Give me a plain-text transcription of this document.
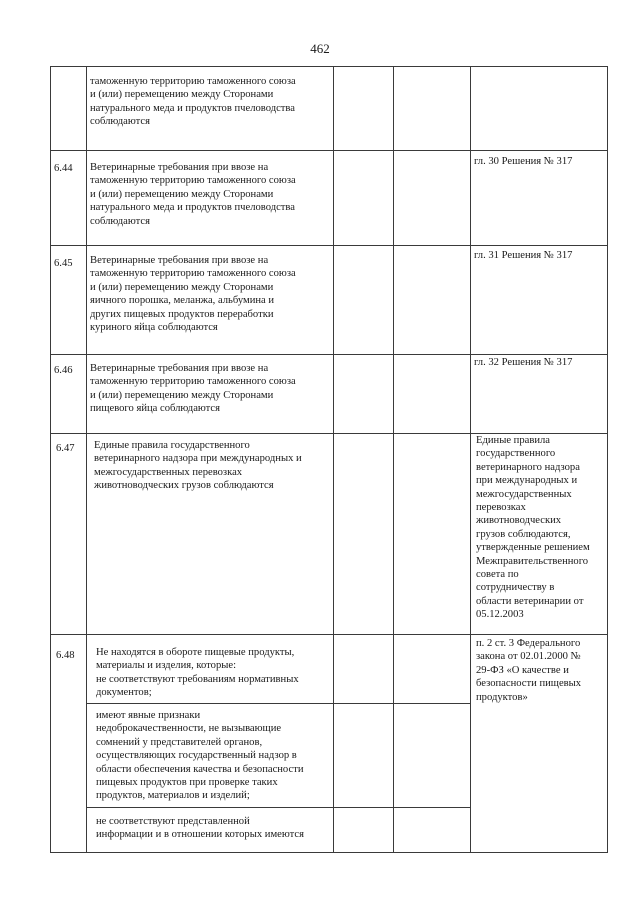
462
таможенную территорию таможенного союза
и (или) перемещению между Сторонами
натурального меда и продуктов пчеловодства
соблюдаются
6.44 Ветеринарные требования при ввозе на
таможенную территорию таможенного союза
и (или) перемещению между Сторонами
натурального меда и продуктов пчеловодства
соблюдаются
гл. 30 Решения № 317
6.45 Ветеринарные требования при ввозе на
таможенную территорию таможенного союза
и (или) перемещению между Сторонами
яичного порошка, меланжа, альбумина и
других пищевых продуктов переработки
куриного яйца соблюдаются
гл. 31 Решения № 317
6.46 Ветеринарные требования при ввозе на
таможенную территорию таможенного союза
и (или) перемещению между Сторонами
пищевого яйца соблюдаются
гл. 32 Решения № 317
6.47 Единые правила государственного
ветеринарного надзора при международных и
межгосударственных перевозках
животноводческих грузов соблюдаются
Единые правила
государственного
ветеринарного надзора
при международных и
межгосударственных
перевозках
животноводческих
грузов соблюдаются,
утвержденные решением
Межправительственного
совета по
сотрудничеству в
области ветеринарии от
05.12.2003
6.48 Не находятся в обороте пищевые продукты,
материалы и изделия, которые:
не соответствуют требованиям нормативных
документов;
п. 2 ст. 3 Федерального
закона от 02.01.2000 №
29-ФЗ «О качестве и
безопасности пищевых
продуктов»
имеют явные признаки
недоброкачественности, не вызывающие
сомнений у представителей органов,
осуществляющих государственный надзор в
области обеспечения качества и безопасности
пищевых продуктов при проверке таких
продуктов, материалов и изделий;
не соответствуют представленной
информации и в отношении которых имеются
